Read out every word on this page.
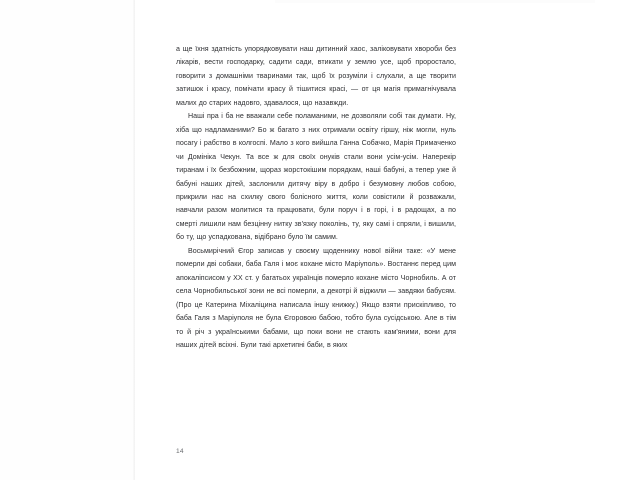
а ще їхня здатність упорядковувати наш дитинний хаос, заліковувати хвороби без лікарів, вести господарку, садити сади, втикати у землю усе, щоб проростало, говорити з домашніми тваринами так, щоб їх розуміли і слухали, а ще творити затишок і красу, помічати красу й тішитися красі, — от ця магія примагнічувала малих до старих надовго, здавалося, що назавжди.

Наші пра і ба не вважали себе поламаними, не дозволяли собі так думати. Ну, хіба що надламаними? Бо ж багато з них отримали освіту гіршу, ніж могли, нуль посагу і рабство в колгоспі. Мало з кого вийшла Ганна Собачко, Марія Примаченко чи Домініка Чекун. Та все ж для своїх онуків стали вони усім-усім. Наперекір тиранам і їх безбожним, щораз жорстокішим порядкам, наші бабуні, а тепер уже й бабуні наших дітей, заслонили дитячу віру в добро і безумовну любов собою, прикрили нас на схилку свого болісного життя, коли совістили й розважали, навчали разом молитися та працювати, були поруч і в горі, і в радощах, а по смерті лишили нам безцінну нитку зв'язку поколінь, ту, яку самі і спряли, і вишили, бо ту, що успадкована, відібрано було їм самим.

Восьмирічний Єгор записав у своєму щоденнику нової війни таке: «У мене померли дві собаки, баба Галя і моє кохане місто Маріуполь». Востаннє перед цим апокаліпсисом у ХХ ст. у багатьох українців померло кохане місто Чорнобиль. А от села Чорнобильської зони не всі померли, а декотрі й віджили — завдяки бабусям. (Про це Катерина Міхаліцина написала іншу книжку.) Якщо взяти прискіпливо, то баба Галя з Маріуполя не була Єгоровою бабою, тобто була сусідською. Але в тім то й річ з українськими бабами, що поки вони не стають кам'яними, вони для наших дітей всіхні. Були такі архетипні баби, в яких

14
